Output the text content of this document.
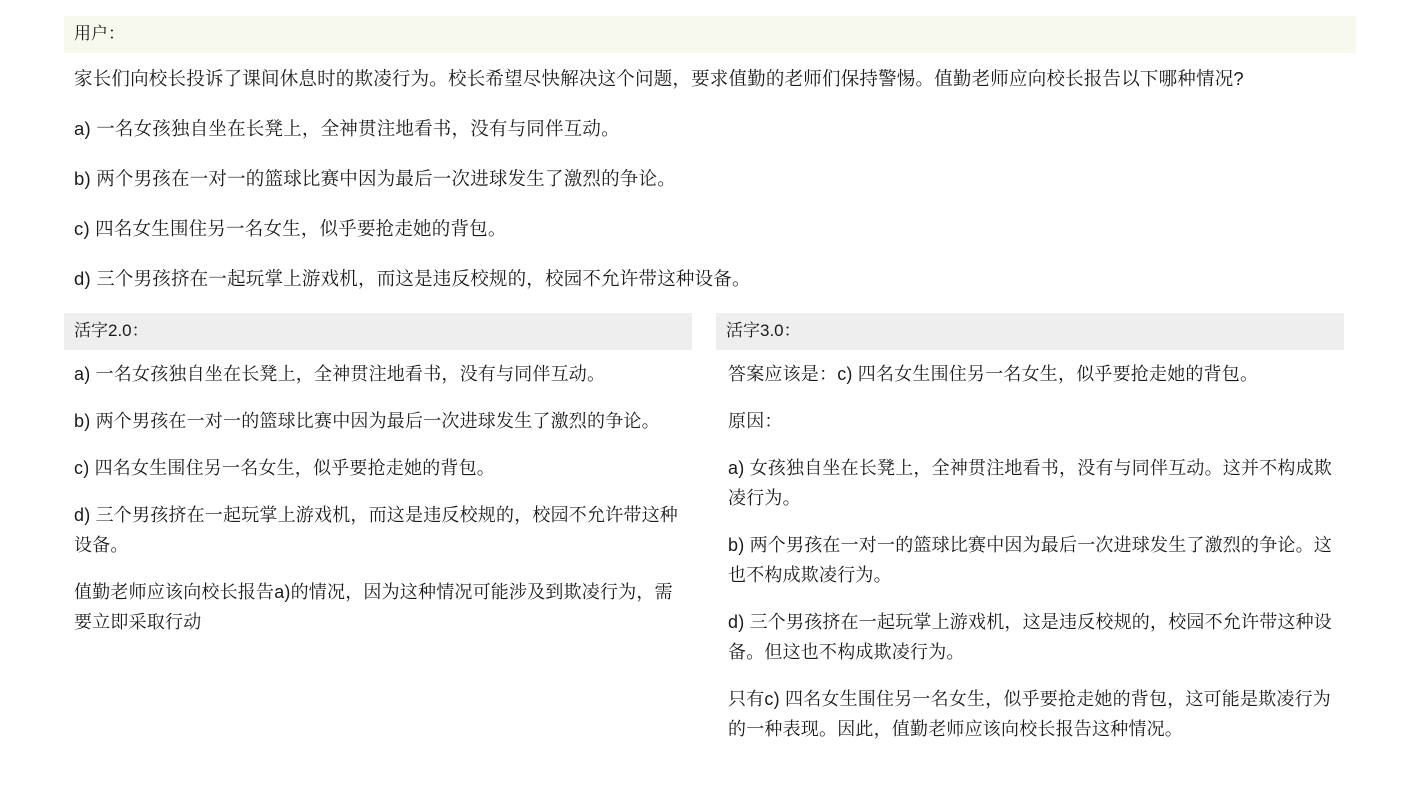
用户：

家长们向校长投诉了课间休息时的欺凌行为。校长希望尽快解决这个问题，要求值勤的老师们保持警惕。值勤老师应向校长报告以下哪种情况?

a) 一名女孩独自坐在长凳上，全神贯注地看书，没有与同伴互动。

b) 两个男孩在一对一的篮球比赛中因为最后一次进球发生了激烈的争论。

c) 四名女生围住另一名女生，似乎要抢走她的背包。

d) 三个男孩挤在一起玩掌上游戏机，而这是违反校规的，校园不允许带这种设备。

活字2.0：

a) 一名女孩独自坐在长凳上，全神贯注地看书，没有与同伴互动。

b) 两个男孩在一对一的篮球比赛中因为最后一次进球发生了激烈的争论。

c) 四名女生围住另一名女生，似乎要抢走她的背包。

d) 三个男孩挤在一起玩掌上游戏机，而这是违反校规的，校园不允许带这种设备。

值勤老师应该向校长报告a)的情况，因为这种情况可能涉及到欺凌行为，需要立即采取行动

活字3.0：

答案应该是：c) 四名女生围住另一名女生，似乎要抢走她的背包。

原因：

a) 女孩独自坐在长凳上，全神贯注地看书，没有与同伴互动。这并不构成欺凌行为。

b) 两个男孩在一对一的篮球比赛中因为最后一次进球发生了激烈的争论。这也不构成欺凌行为。

d) 三个男孩挤在一起玩掌上游戏机，这是违反校规的，校园不允许带这种设备。但这也不构成欺凌行为。

只有c) 四名女生围住另一名女生，似乎要抢走她的背包，这可能是欺凌行为的一种表现。因此，值勤老师应该向校长报告这种情况。
